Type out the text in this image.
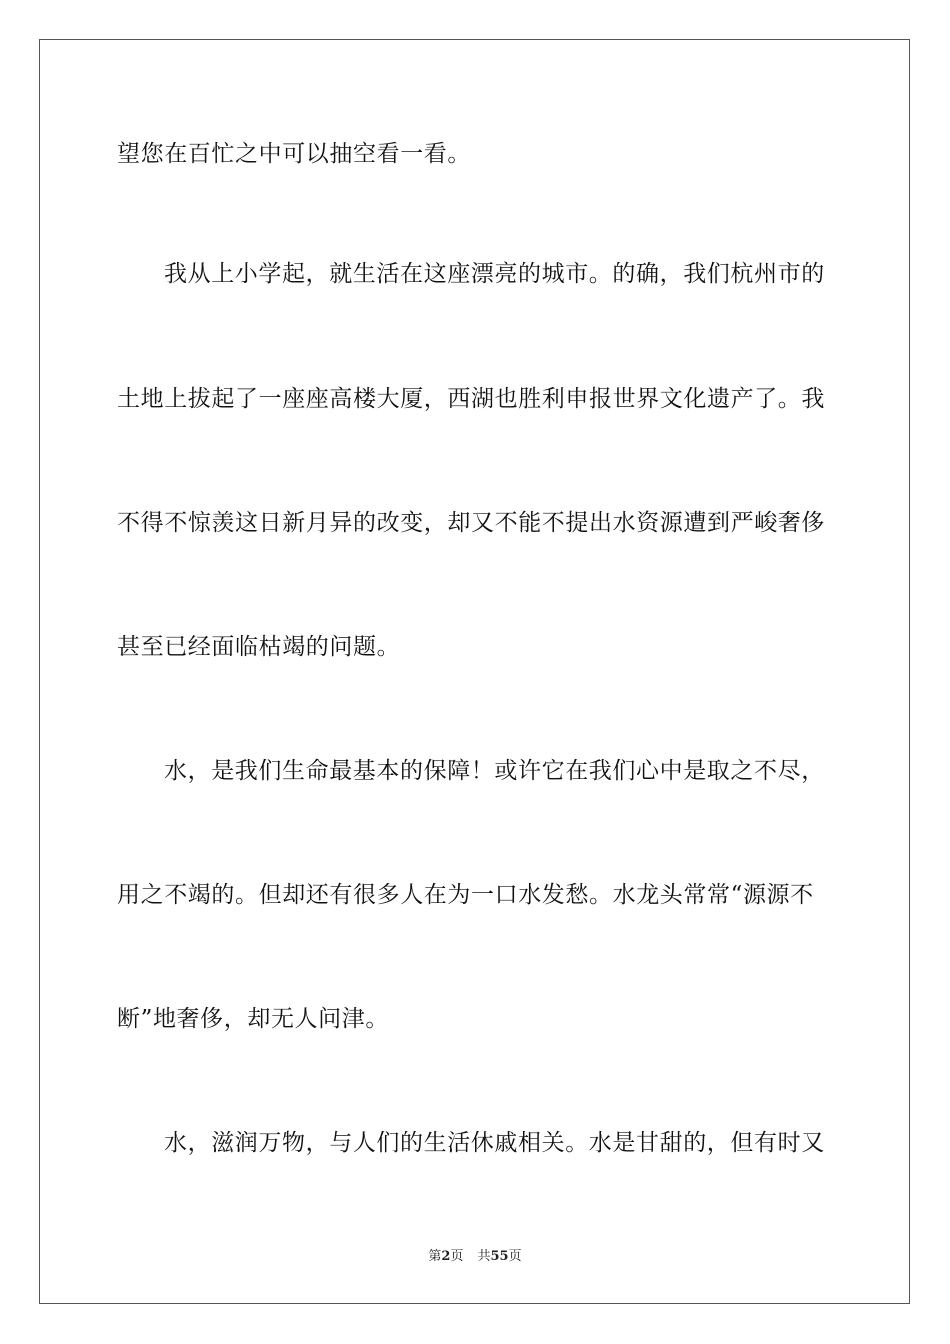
望您在百忙之中可以抽空看一看。
我从上小学起，就生活在这座漂亮的城市。的确，我们杭州市的
土地上拔起了一座座高楼大厦，西湖也胜利申报世界文化遗产了。我
不得不惊羡这日新月异的改变，却又不能不提出水资源遭到严峻奢侈
甚至已经面临枯竭的问题。
水，是我们生命最基本的保障！或许它在我们心中是取之不尽，
用之不竭的。但却还有很多人在为一口水发愁。水龙头常常“源源不
断”地奢侈，却无人问津。
水，滋润万物，与人们的生活休戚相关。水是甘甜的，但有时又
第2页 共55页
